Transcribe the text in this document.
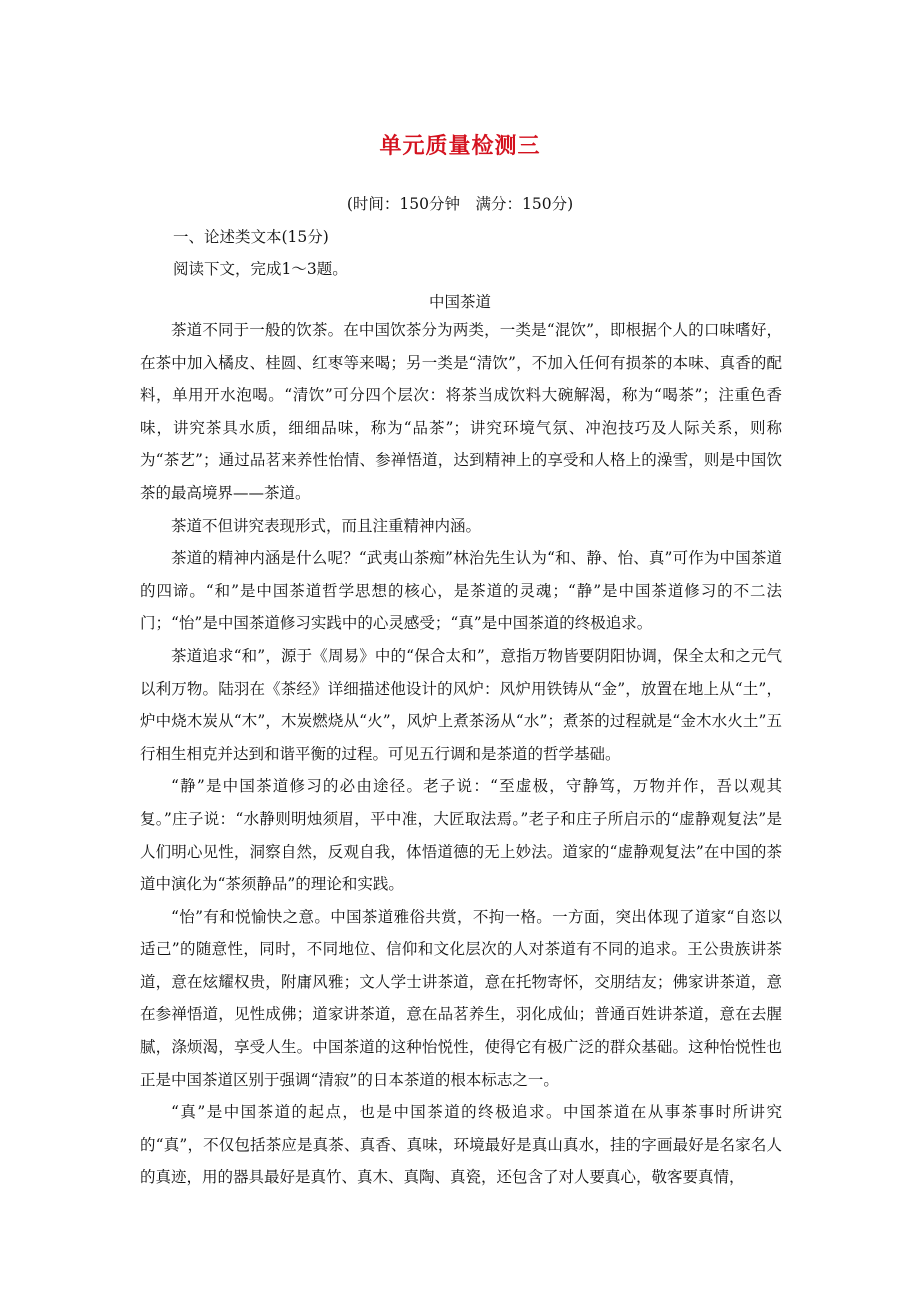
单元质量检测三
(时间：150分钟　满分：150分)
一、论述类文本(15分)
阅读下文，完成1～3题。
中国茶道

茶道不同于一般的饮茶。在中国饮茶分为两类，一类是“混饮”，即根据个人的口味嗜好，在茶中加入橘皮、桂圆、红枣等来喝；另一类是“清饮”，不加入任何有损茶的本味、真香的配料，单用开水泡喝。“清饮”可分四个层次：将茶当成饮料大碗解渴，称为“喝茶”；注重色香味，讲究茶具水质，细细品味，称为“品茶”；讲究环境气氛、冲泡技巧及人际关系，则称为“茶艺”；通过品茗来养性怡情、参禅悟道，达到精神上的享受和人格上的澡雪，则是中国饮茶的最高境界——茶道。

茶道不但讲究表现形式，而且注重精神内涵。

茶道的精神内涵是什么呢？“武夷山茶痴”林治先生认为“和、静、怡、真”可作为中国茶道的四谛。“和”是中国茶道哲学思想的核心，是茶道的灵魂；“静”是中国茶道修习的不二法门；“怡”是中国茶道修习实践中的心灵感受；“真”是中国茶道的终极追求。

茶道追求“和”，源于《周易》中的“保合太和”，意指万物皆要阴阳协调，保全太和之元气以利万物。陆羽在《茶经》详细描述他设计的风炉：风炉用铁铸从“金”，放置在地上从“土”，炉中烧木炭从“木”，木炭燃烧从“火”，风炉上煮茶汤从“水”；煮茶的过程就是“金木水火土”五行相生相克并达到和谐平衡的过程。可见五行调和是茶道的哲学基础。

“静”是中国茶道修习的必由途径。老子说：“至虚极，守静笃，万物并作，吾以观其复。”庄子说：“水静则明烛须眉，平中准，大匠取法焉。”老子和庄子所启示的“虚静观复法”是人们明心见性，洞察自然，反观自我，体悟道德的无上妙法。道家的“虚静观复法”在中国的茶道中演化为“茶须静品”的理论和实践。

“怡”有和悦愉快之意。中国茶道雅俗共赏，不拘一格。一方面，突出体现了道家“自恣以适己”的随意性，同时，不同地位、信仰和文化层次的人对茶道有不同的追求。王公贵族讲茶道，意在炫耀权贵，附庸风雅；文人学士讲茶道，意在托物寄怀，交朋结友；佛家讲茶道，意在参禅悟道，见性成佛；道家讲茶道，意在品茗养生，羽化成仙；普通百姓讲茶道，意在去腥腻，涤烦渴，享受人生。中国茶道的这种怡悦性，使得它有极广泛的群众基础。这种怡悦性也正是中国茶道区别于强调“清寂”的日本茶道的根本标志之一。

“真”是中国茶道的起点，也是中国茶道的终极追求。中国茶道在从事茶事时所讲究的“真”，不仅包括茶应是真茶、真香、真味，环境最好是真山真水，挂的字画最好是名家名人的真迹，用的器具最好是真竹、真木、真陶、真瓷，还包含了对人要真心，敬客要真情，
